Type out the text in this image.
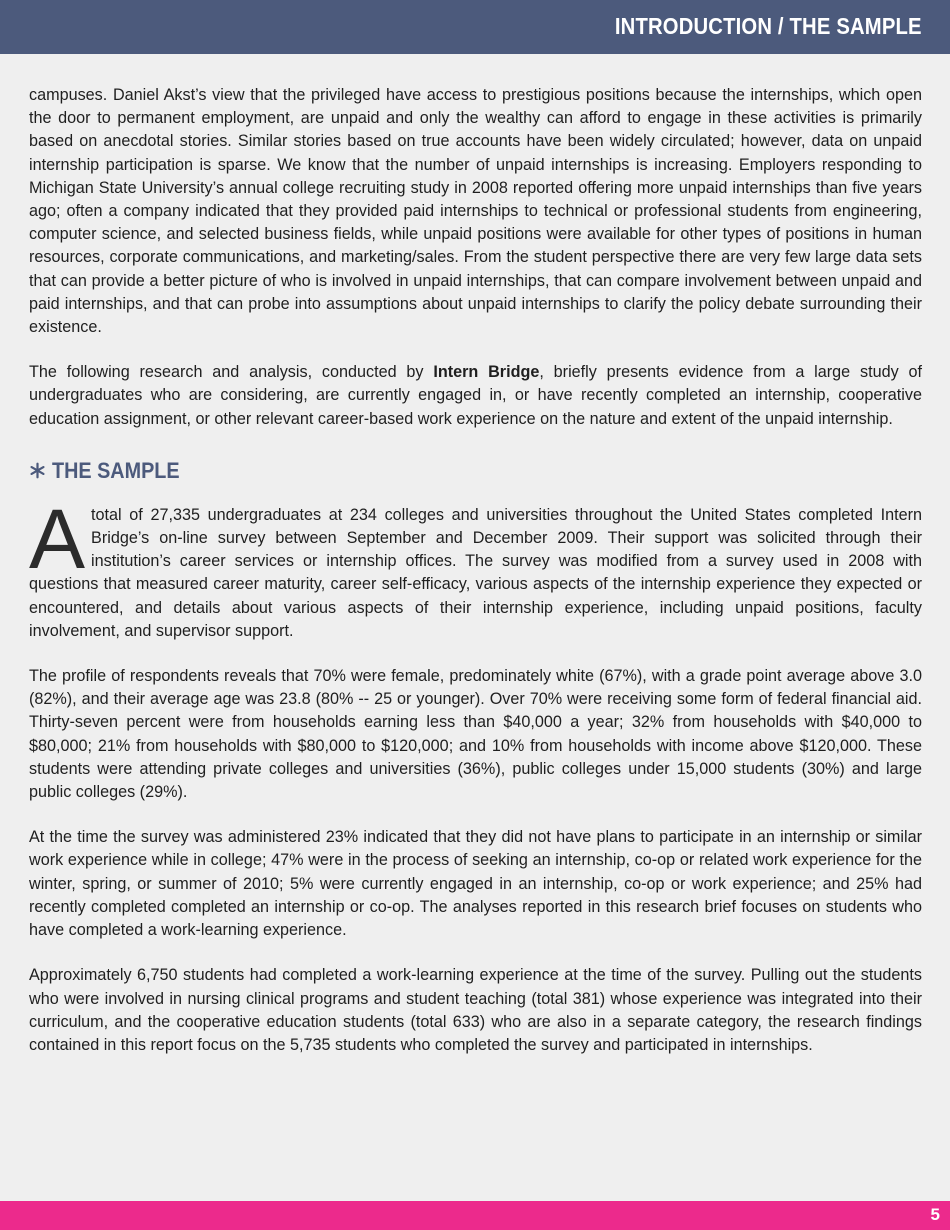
INTRODUCTION / THE SAMPLE

campuses. Daniel Akst’s view that the privileged have access to prestigious positions because the internships, which open the door to permanent employment, are unpaid and only the wealthy can afford to engage in these activities is primarily based on anecdotal stories. Similar stories based on true accounts have been widely circulated; however, data on unpaid internship participation is sparse. We know that the number of unpaid internships is increasing. Employers responding to Michigan State University’s annual college recruiting study in 2008 reported offering more unpaid internships than five years ago; often a company indicated that they provided paid internships to technical or professional students from engineering, computer science, and selected business fields, while unpaid positions were available for other types of positions in human resources, corporate communications, and marketing/sales. From the student perspective there are very few large data sets that can provide a better picture of who is involved in unpaid internships, that can compare involvement between unpaid and paid internships, and that can probe into assumptions about unpaid internships to clarify the policy debate surrounding their existence.

The following research and analysis, conducted by Intern Bridge, briefly presents evidence from a large study of undergraduates who are considering, are currently engaged in, or have recently completed an internship, cooperative education assignment, or other relevant career-based work experience on the nature and extent of the unpaid internship.

THE SAMPLE

Atotal of 27,335 undergraduates at 234 colleges and universities throughout the United States completed Intern Bridge’s on-line survey between September and December 2009. Their support was solicited through their institution’s career services or internship offices. The survey was modified from a survey used in 2008 with questions that measured career maturity, career self-efficacy, various aspects of the internship experience they expected or encountered, and details about various aspects of their internship experience, including unpaid positions, faculty involvement, and supervisor support.

The profile of respondents reveals that 70% were female, predominately white (67%), with a grade point average above 3.0 (82%), and their average age was 23.8 (80% -- 25 or younger). Over 70% were receiving some form of federal financial aid. Thirty-seven percent were from households earning less than $40,000 a year; 32% from households with $40,000 to $80,000; 21% from households with $80,000 to $120,000; and 10% from households with income above $120,000. These students were attending private colleges and universities (36%), public colleges under 15,000 students (30%) and large public colleges (29%).

At the time the survey was administered 23% indicated that they did not have plans to participate in an internship or similar work experience while in college; 47% were in the process of seeking an internship, co-op or related work experience for the winter, spring, or summer of 2010; 5% were currently engaged in an internship, co-op or work experience; and 25% had recently completed completed an internship or co-op. The analyses reported in this research brief focuses on students who have completed a work-learning experience.

Approximately 6,750 students had completed a work-learning experience at the time of the survey. Pulling out the students who were involved in nursing clinical programs and student teaching (total 381) whose experience was integrated into their curriculum, and the cooperative education students (total 633) who are also in a separate category, the research findings contained in this report focus on the 5,735 students who completed the survey and participated in internships.

5
